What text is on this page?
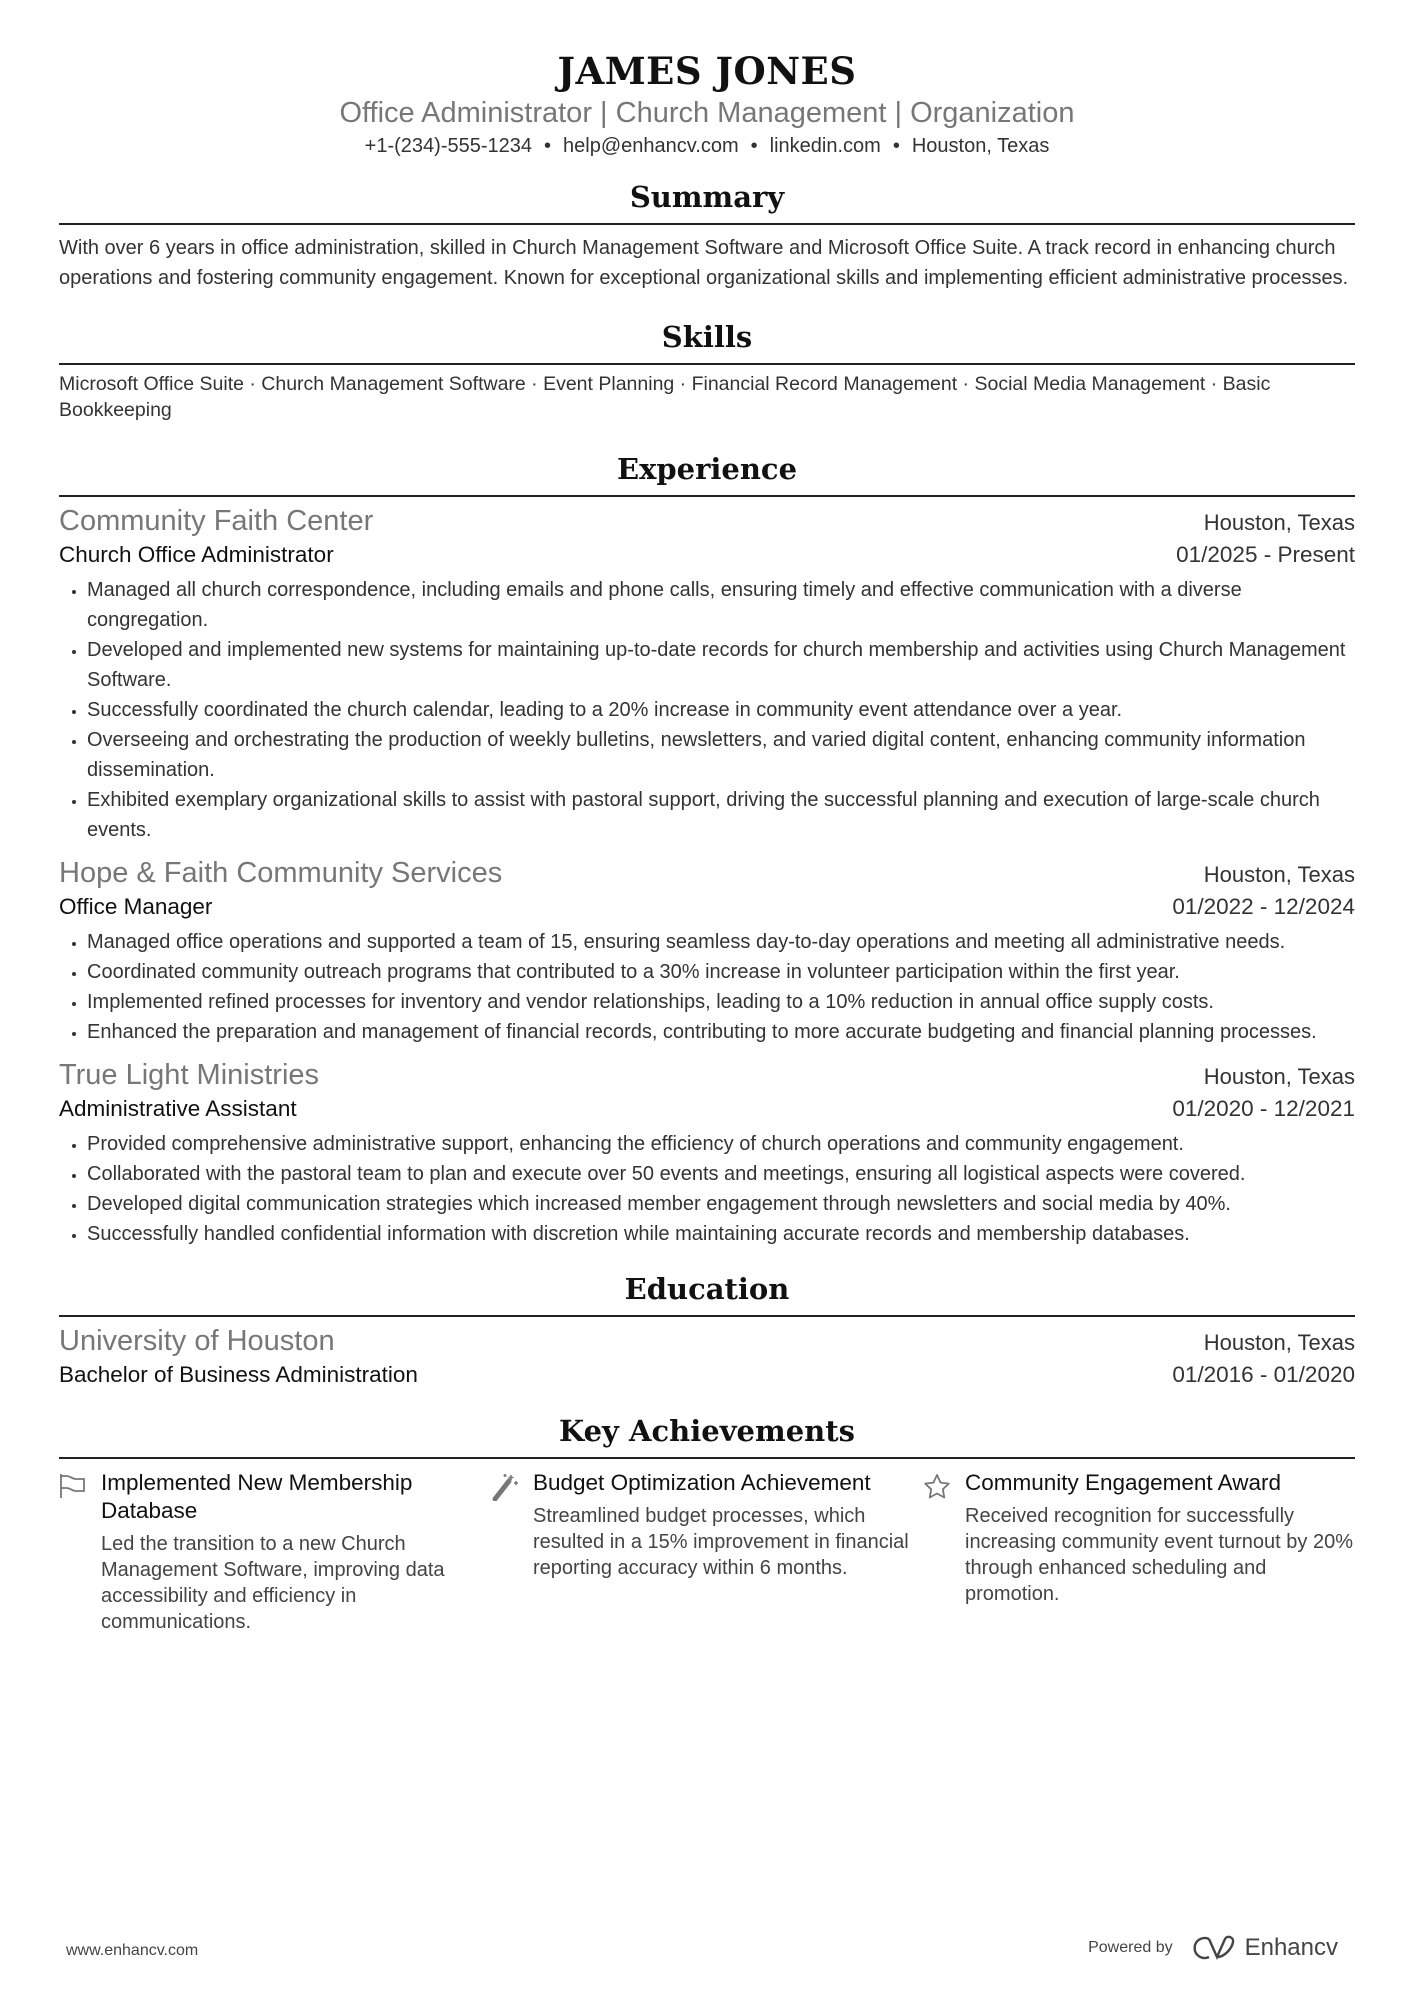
JAMES JONES
Office Administrator | Church Management | Organization
+1-(234)-555-1234 • help@enhancv.com • linkedin.com • Houston, Texas
Summary
With over 6 years in office administration, skilled in Church Management Software and Microsoft Office Suite. A track record in enhancing church operations and fostering community engagement. Known for exceptional organizational skills and implementing efficient administrative processes.
Skills
Microsoft Office Suite · Church Management Software · Event Planning · Financial Record Management · Social Media Management · Basic Bookkeeping
Experience
Community Faith Center	Houston, Texas
Church Office Administrator	01/2025 - Present
• Managed all church correspondence, including emails and phone calls, ensuring timely and effective communication with a diverse congregation.
• Developed and implemented new systems for maintaining up-to-date records for church membership and activities using Church Management Software.
• Successfully coordinated the church calendar, leading to a 20% increase in community event attendance over a year.
• Overseeing and orchestrating the production of weekly bulletins, newsletters, and varied digital content, enhancing community information dissemination.
• Exhibited exemplary organizational skills to assist with pastoral support, driving the successful planning and execution of large-scale church events.
Hope & Faith Community Services	Houston, Texas
Office Manager	01/2022 - 12/2024
• Managed office operations and supported a team of 15, ensuring seamless day-to-day operations and meeting all administrative needs.
• Coordinated community outreach programs that contributed to a 30% increase in volunteer participation within the first year.
• Implemented refined processes for inventory and vendor relationships, leading to a 10% reduction in annual office supply costs.
• Enhanced the preparation and management of financial records, contributing to more accurate budgeting and financial planning processes.
True Light Ministries	Houston, Texas
Administrative Assistant	01/2020 - 12/2021
• Provided comprehensive administrative support, enhancing the efficiency of church operations and community engagement.
• Collaborated with the pastoral team to plan and execute over 50 events and meetings, ensuring all logistical aspects were covered.
• Developed digital communication strategies which increased member engagement through newsletters and social media by 40%.
• Successfully handled confidential information with discretion while maintaining accurate records and membership databases.
Education
University of Houston	Houston, Texas
Bachelor of Business Administration	01/2016 - 01/2020
Key Achievements
Implemented New Membership Database
Led the transition to a new Church Management Software, improving data accessibility and efficiency in communications.
Budget Optimization Achievement
Streamlined budget processes, which resulted in a 15% improvement in financial reporting accuracy within 6 months.
Community Engagement Award
Received recognition for successfully increasing community event turnout by 20% through enhanced scheduling and promotion.
www.enhancv.com	Powered by	Enhancv
